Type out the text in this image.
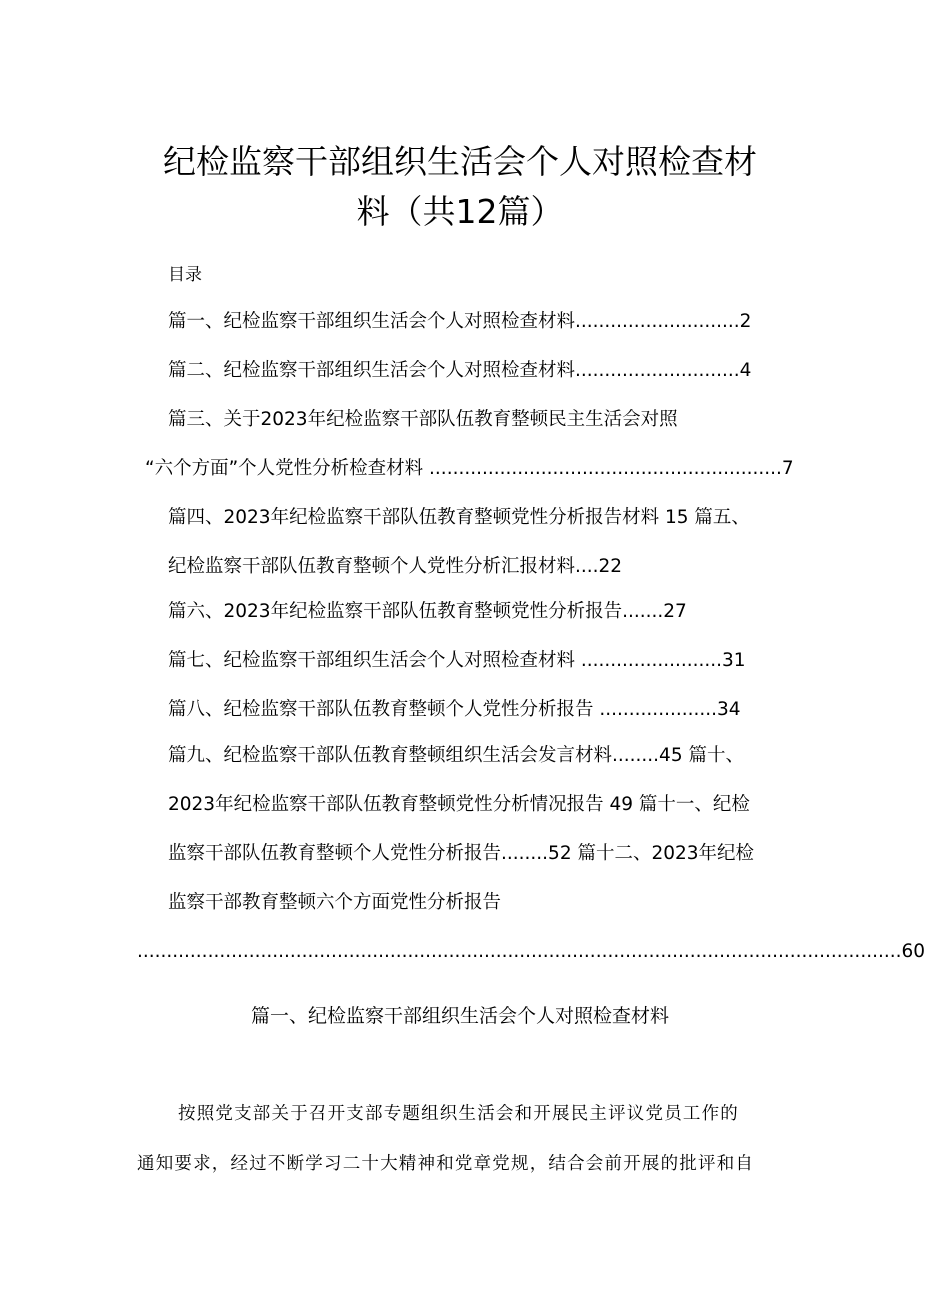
纪检监察干部组织生活会个人对照检查材
料（共12篇）
目录
篇一、纪检监察干部组织生活会个人对照检查材料............................2
篇二、纪检监察干部组织生活会个人对照检查材料............................4
篇三、关于2023年纪检监察干部队伍教育整顿民主生活会对照
“六个方面”个人党性分析检查材料 ............................................................7
篇四、2023年纪检监察干部队伍教育整顿党性分析报告材料 15 篇五、
纪检监察干部队伍教育整顿个人党性分析汇报材料....22
篇六、2023年纪检监察干部队伍教育整顿党性分析报告.......27
篇七、纪检监察干部组织生活会个人对照检查材料 ........................31
篇八、纪检监察干部队伍教育整顿个人党性分析报告 ....................34
篇九、纪检监察干部队伍教育整顿组织生活会发言材料........45 篇十、
2023年纪检监察干部队伍教育整顿党性分析情况报告 49 篇十一、纪检
监察干部队伍教育整顿个人党性分析报告........52 篇十二、2023年纪检
监察干部教育整顿六个方面党性分析报告
..................................................................................................................................60
篇一、纪检监察干部组织生活会个人对照检查材料
按照党支部关于召开支部专题组织生活会和开展民主评议党员工作的
通知要求，经过不断学习二十大精神和党章党规，结合会前开展的批评和自
